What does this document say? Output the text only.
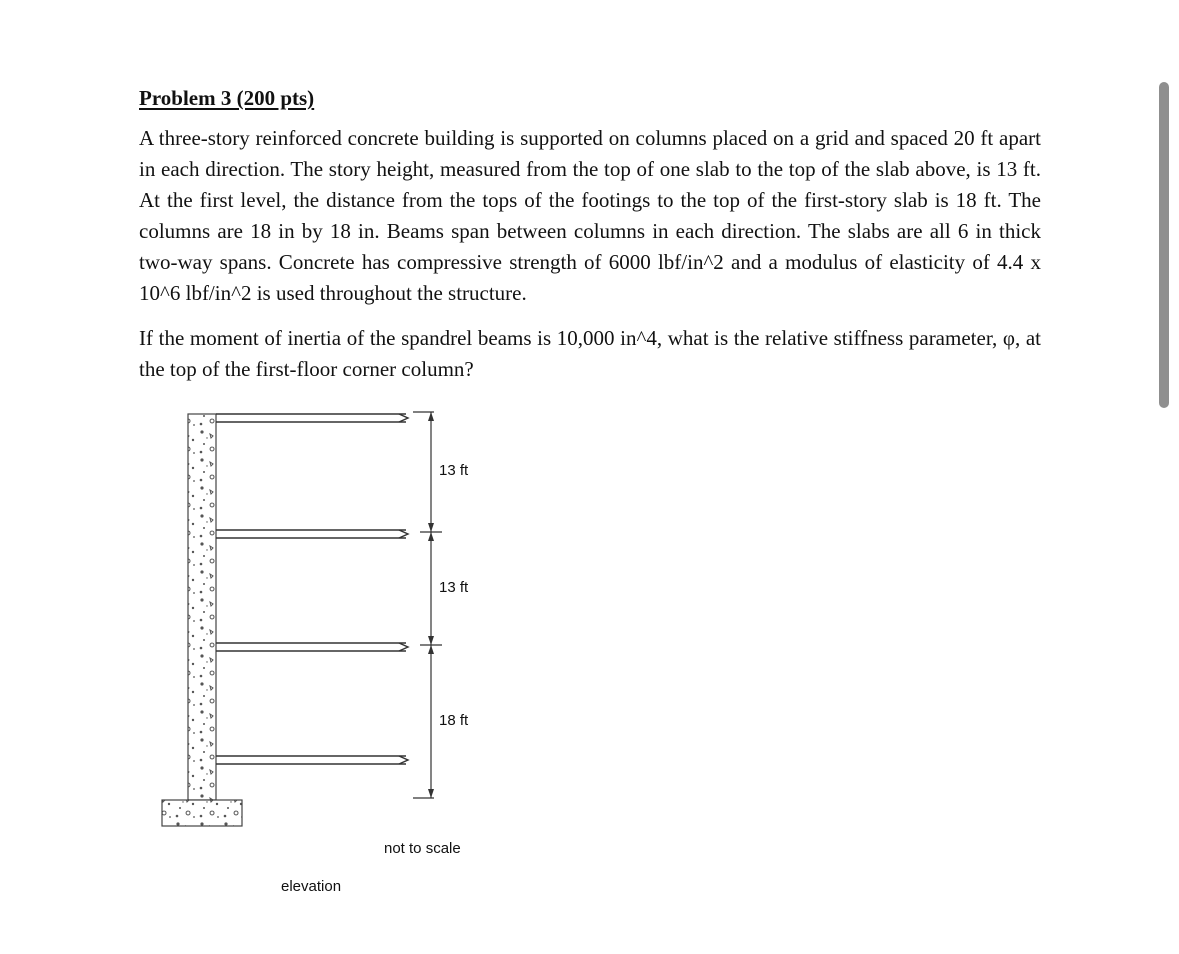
Problem 3 (200 pts)

A three-story reinforced concrete building is supported on columns placed on a grid and spaced 20 ft apart in each direction. The story height, measured from the top of one slab to the top of the slab above, is 13 ft. At the first level, the distance from the tops of the footings to the top of the first-story slab is 18 ft. The columns are 18 in by 18 in. Beams span between columns in each direction. The slabs are all 6 in thick two-way spans. Concrete has compressive strength of 6000 lbf/in^2 and a modulus of elasticity of 4.4 x 10^6 lbf/in^2 is used throughout the structure.

If the moment of inertia of the spandrel beams is 10,000 in^4, what is the relative stiffness parameter, φ, at the top of the first-floor corner column?

13 ft
13 ft
18 ft
not to scale
elevation
